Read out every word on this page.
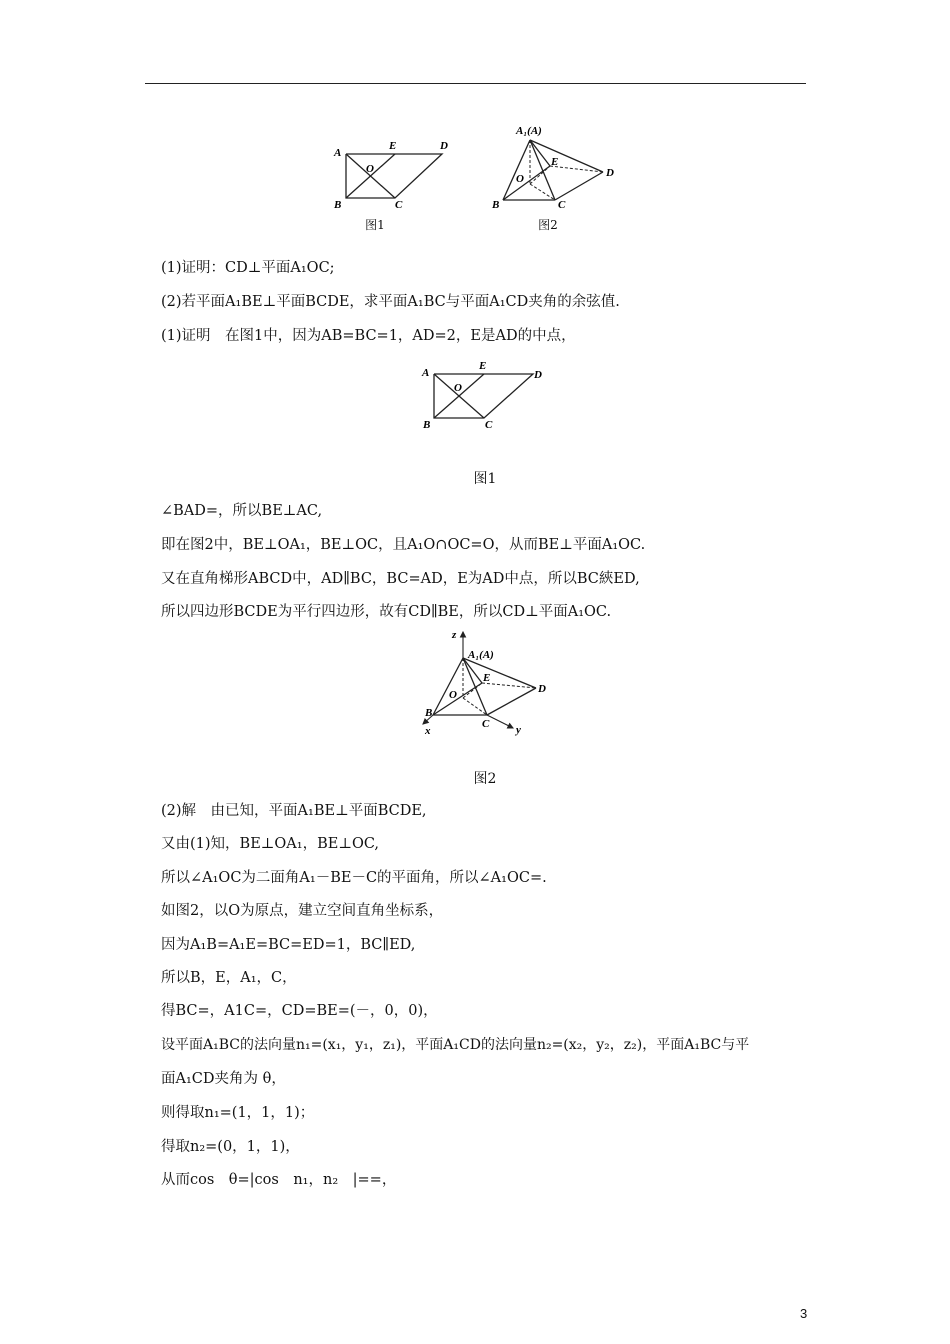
A
E	D
O
B	C
图1
A₁(A)
E
D
O
B	C
图2
(1)证明：CD⊥平面A₁OC;
(2)若平面A₁BE⊥平面BCDE，求平面A₁BC与平面A₁CD夹角的余弦值.
(1)证明　在图1中，因为AB=BC=1，AD=2，E是AD的中点，
A
E
D
O
B	C
图1
∠BAD=，所以BE⊥AC,
即在图2中，BE⊥OA₁，BE⊥OC，且A₁O∩OC=O，从而BE⊥平面A₁OC.
又在直角梯形ABCD中，AD∥BC，BC=AD，E为AD中点，所以BC綊ED,
所以四边形BCDE为平行四边形，故有CD∥BE，所以CD⊥平面A₁OC.
z
A₁(A)
E
D
O
B
C
x	y
图2
(2)解　由已知，平面A₁BE⊥平面BCDE,
又由(1)知，BE⊥OA₁，BE⊥OC,
所以∠A₁OC为二面角A₁－BE－C的平面角，所以∠A₁OC=.
如图2，以O为原点，建立空间直角坐标系，
因为A₁B=A₁E=BC=ED=1，BC∥ED,
所以B，E，A₁，C，
得BC=，A1C=，CD=BE=(－，0，0)，
设平面A₁BC的法向量n₁=(x₁，y₁，z₁)，平面A₁CD的法向量n₂=(x₂，y₂，z₂)，平面A₁BC与平
面A₁CD夹角为 θ，
则得取n₁=(1，1，1)；
得取n₂=(0，1，1)，
从而cos　θ=|cos　n₁，n₂　|==，
3
